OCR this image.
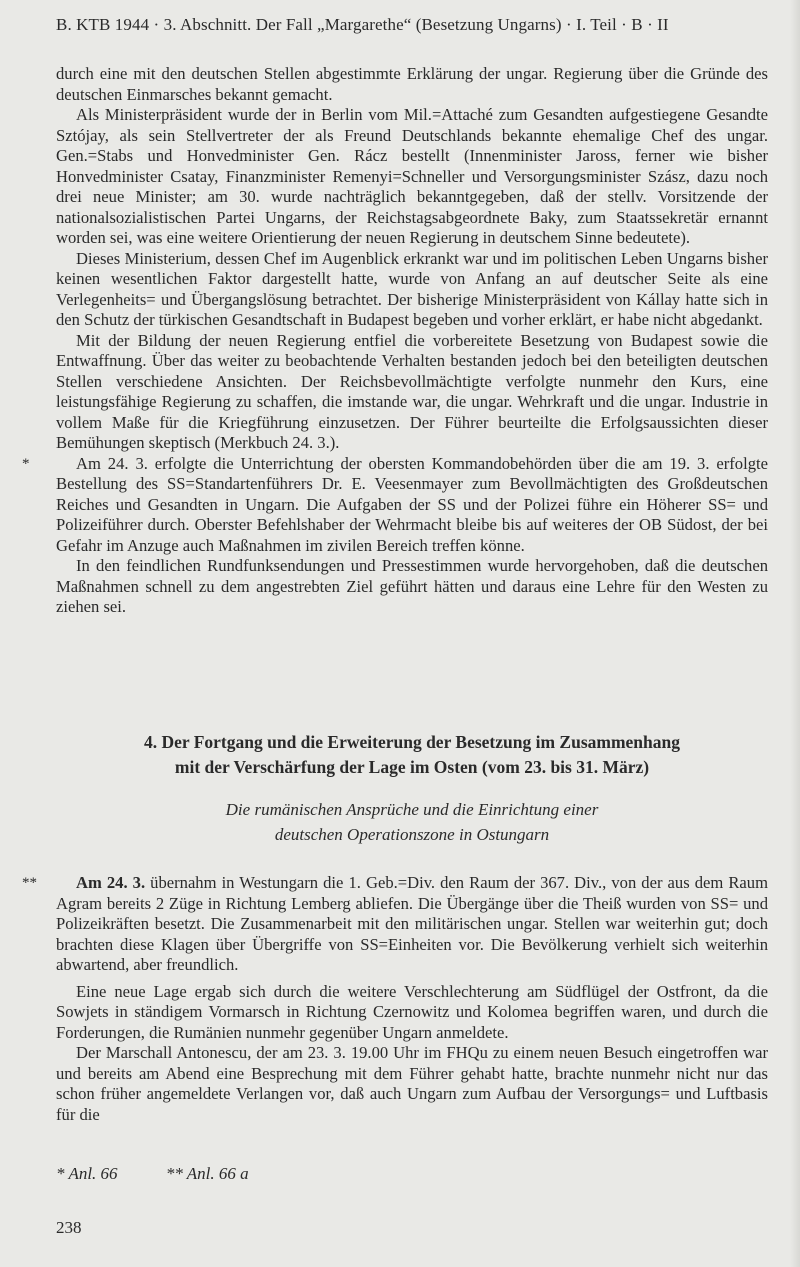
B. KTB 1944 · 3. Abschnitt. Der Fall „Margarethe“ (Besetzung Ungarns) · I. Teil · B · II

durch eine mit den deutschen Stellen abgestimmte Erklärung der ungar. Regierung über die Gründe des deutschen Einmarsches bekannt gemacht.

Als Ministerpräsident wurde der in Berlin vom Mil.=Attaché zum Gesandten aufgestiegene Gesandte Sztójay, als sein Stellvertreter der als Freund Deutschlands bekannte ehemalige Chef des ungar. Gen.=Stabs und Honvedminister Gen. Rácz bestellt (Innenminister Jaross, ferner wie bisher Honvedminister Csatay, Finanzminister Remenyi=Schneller und Versorgungsminister Szász, dazu noch drei neue Minister; am 30. wurde nachträglich bekanntgegeben, daß der stellv. Vorsitzende der nationalsozialistischen Partei Ungarns, der Reichstagsabgeordnete Baky, zum Staatssekretär ernannt worden sei, was eine weitere Orientierung der neuen Regierung in deutschem Sinne bedeutete).

Dieses Ministerium, dessen Chef im Augenblick erkrankt war und im politischen Leben Ungarns bisher keinen wesentlichen Faktor dargestellt hatte, wurde von Anfang an auf deutscher Seite als eine Verlegenheits= und Übergangslösung betrachtet. Der bisherige Ministerpräsident von Kállay hatte sich in den Schutz der türkischen Gesandtschaft in Budapest begeben und vorher erklärt, er habe nicht abgedankt.

Mit der Bildung der neuen Regierung entfiel die vorbereitete Besetzung von Budapest sowie die Entwaffnung. Über das weiter zu beobachtende Verhalten bestanden jedoch bei den beteiligten deutschen Stellen verschiedene Ansichten. Der Reichsbevollmächtigte verfolgte nunmehr den Kurs, eine leistungsfähige Regierung zu schaffen, die imstande war, die ungar. Wehrkraft und die ungar. Industrie in vollem Maße für die Kriegführung einzusetzen. Der Führer beurteilte die Erfolgsaussichten dieser Bemühungen skeptisch (Merkbuch 24. 3.).

*	Am 24. 3. erfolgte die Unterrichtung der obersten Kommandobehörden über die am 19. 3. erfolgte Bestellung des SS=Standartenführers Dr. E. Veesenmayer zum Bevollmächtigten des Großdeutschen Reiches und Gesandten in Ungarn. Die Aufgaben der SS und der Polizei führe ein Höherer SS= und Polizeiführer durch. Oberster Befehlshaber der Wehrmacht bleibe bis auf weiteres der OB Südost, der bei Gefahr im Anzuge auch Maßnahmen im zivilen Bereich treffen könne.

In den feindlichen Rundfunksendungen und Pressestimmen wurde hervorgehoben, daß die deutschen Maßnahmen schnell zu dem angestrebten Ziel geführt hätten und daraus eine Lehre für den Westen zu ziehen sei.

4. Der Fortgang und die Erweiterung der Besetzung im Zusammenhang
mit der Verschärfung der Lage im Osten (vom 23. bis 31. März)
Die rumänischen Ansprüche und die Einrichtung einer
deutschen Operationszone in Ostungarn

** Am 24. 3. übernahm in Westungarn die 1. Geb.=Div. den Raum der 367. Div., von der aus dem Raum Agram bereits 2 Züge in Richtung Lemberg abliefen. Die Übergänge über die Theiß wurden von SS= und Polizeikräften besetzt. Die Zusammenarbeit mit den militärischen ungar. Stellen war weiterhin gut; doch brachten diese Klagen über Übergriffe von SS=Einheiten vor. Die Bevölkerung verhielt sich weiterhin abwartend, aber freundlich.

Eine neue Lage ergab sich durch die weitere Verschlechterung am Südflügel der Ostfront, da die Sowjets in ständigem Vormarsch in Richtung Czernowitz und Kolomea begriffen waren, und durch die Forderungen, die Rumänien nunmehr gegenüber Ungarn anmeldete.

Der Marschall Antonescu, der am 23. 3. 19.00 Uhr im FHQu zu einem neuen Besuch eingetroffen war und bereits am Abend eine Besprechung mit dem Führer gehabt hatte, brachte nunmehr nicht nur das schon früher angemeldete Verlangen vor, daß auch Ungarn zum Aufbau der Versorgungs= und Luftbasis für die

* Anl. 66	** Anl. 66 a
238
